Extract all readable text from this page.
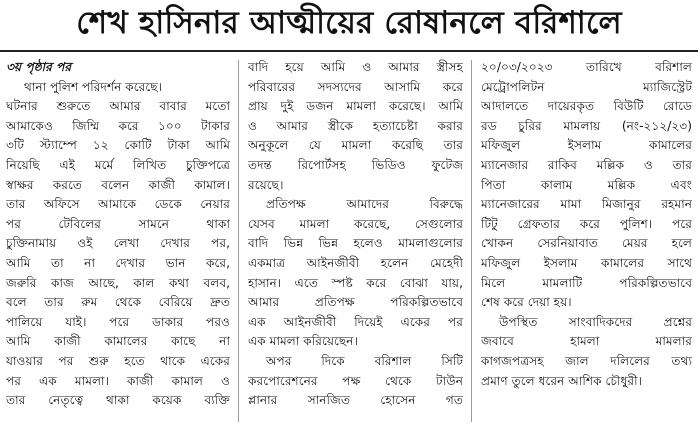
শেখ হাসিনার আত্মীয়ের রোষানলে বরিশালে
৩য় পৃষ্ঠার পর
থানা পুলিশ পরিদর্শন করেছে।
ঘটনার শুরুতে আমার বাবার মতো
আমাকেও জিম্মি করে ১০০ টাকার
৩টি স্ট্যাম্পে ১২ কোটি টাকা আমি
নিয়েছি এই মর্মে লিখিত চুক্তিপত্রে
স্বাক্ষর করতে বলেন কাজী কামাল।
তার অফিসে আমাকে ডেকে নেয়ার
পর টেবিলের সামনে থাকা
চুক্তিনামায় ওই লেখা দেখার পর,
আমি তা না দেখার ভান করে,
জরুরি কাজ আছে, কাল কথা বলব,
বলে তার রুম থেকে বেরিয়ে দ্রুত
পালিয়ে যাই। পরে ডাকার পরও
আমি কাজী কামালের কাছে না
যাওয়ার পর শুরু হতে থাকে একের
পর এক মামলা। কাজী কামাল ও
তার নেতৃত্বে থাকা কয়েক ব্যক্তি
বাদি হয়ে আমি ও আমার স্ত্রীসহ
পরিবারের সদস্যদের আসামি করে
প্রায় দুই ডজন মামলা করেছে। আমি
ও আমার স্ত্রীকে হত্যাচেষ্টা করার
অনুকূলে যে মামলা করেছি তার
তদন্ত রিপোর্টসহ ভিডিও ফুটেজ
রয়েছে।
প্রতিপক্ষ আমাদের বিরুদ্ধে
যেসব মামলা করেছে, সেগুলোর
বাদি ভিন্ন ভিন্ন হলেও মামলাগুলোর
একমাত্র আইনজীবী হলেন মেহেদী
হাসান। এতে স্পষ্ট করে বোঝা যায়,
আমার প্রতিপক্ষ পরিকল্পিতভাবে
এক আইনজীবী দিয়েই একের পর
এক মামলা করিয়েছেন।
অপর দিকে বরিশাল সিটি
করপোরেশনের পক্ষ থেকে টাউন
প্লানার সানজিত হোসেন গত
২০/০৩/২০২৩ তারিখে বরিশাল
মেট্রোপলিটন ম্যাজিস্ট্রেট
আদালতে দায়েরকৃত বিউটি রোডে
রড চুরির মামলায় (নং-২১২/২৩)
মফিজুল ইসলাম কামালের
ম্যানেজার রাকিব মল্লিক ও তার
পিতা কালাম মল্লিক এবং
ম্যানেজারের মামা মিজানুর রহমান
টিটু গ্রেফতার করে পুলিশ। পরে
খোকন সেরনিয়াবাত মেয়র হলে
মফিজুল ইসলাম কামালের সাথে
মিলে মামলাটি পরিকল্পিতভাবে
শেষ করে দেয়া হয়।
উপস্থিত সাংবাদিকদের প্রশ্নের
জবাবে হামলা মামলার
কাগজপত্রসহ জাল দলিলের তথ্য
প্রমাণ তুলে ধরেন আশিক চৌধুরী।
